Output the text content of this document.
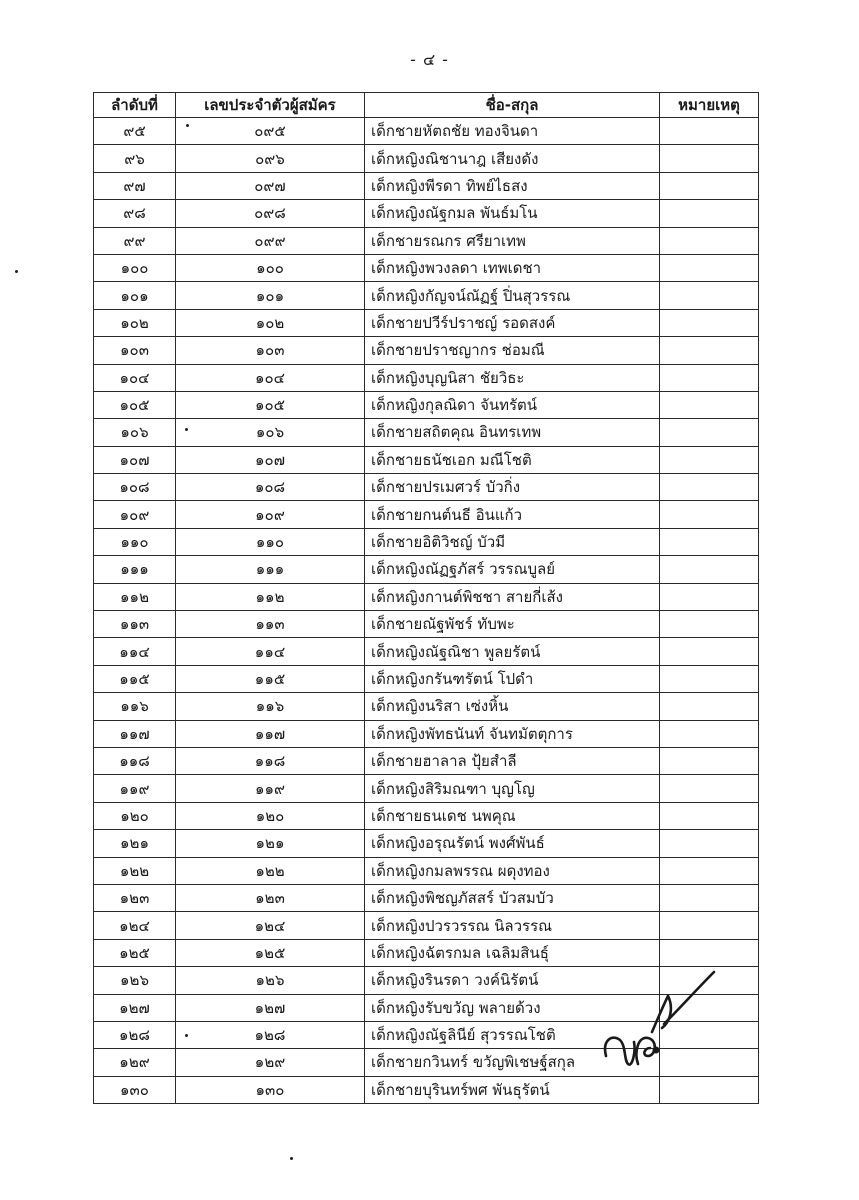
- ๔ -
ลำดับที่	เลขประจำตัวผู้สมัคร	ชื่อ-สกุล	หมายเหตุ
๙๕	๐๙๕	เด็กชายหัตถชัย ทองจินดา	
๙๖	๐๙๖	เด็กหญิงณิชานาฎ เสียงดัง	
๙๗	๐๙๗	เด็กหญิงพีรดา ทิพย์ไธสง	
๙๘	๐๙๘	เด็กหญิงณัฐกมล พันธ์มโน	
๙๙	๐๙๙	เด็กชายรณกร ศรียาเทพ	
๑๐๐	๑๐๐	เด็กหญิงพวงลดา เทพเดชา	
๑๐๑	๑๐๑	เด็กหญิงกัญจน์ณัฏฐ์ ปิ่นสุวรรณ	
๑๐๒	๑๐๒	เด็กชายปวีร์ปราชญ์ รอดสงค์	
๑๐๓	๑๐๓	เด็กชายปราชญากร ช่อมณี	
๑๐๔	๑๐๔	เด็กหญิงบุญนิสา ชัยวิธะ	
๑๐๕	๑๐๕	เด็กหญิงกุลณิดา จันทรัตน์	
๑๐๖	๑๐๖	เด็กชายสถิตคุณ อินทรเทพ	
๑๐๗	๑๐๗	เด็กชายธนัชเอก มณีโชติ	
๑๐๘	๑๐๘	เด็กชายปรเมศวร์ บัวกิ่ง	
๑๐๙	๑๐๙	เด็กชายกนต์นธี อินแก้ว	
๑๑๐	๑๑๐	เด็กชายอิติวิชญ์ บัวมี	
๑๑๑	๑๑๑	เด็กหญิงณัฏฐภัสร์ วรรณบูลย์	
๑๑๒	๑๑๒	เด็กหญิงกานต์พิชชา สายกี่เส้ง	
๑๑๓	๑๑๓	เด็กชายณัฐพัชร์ ทับพะ	
๑๑๔	๑๑๔	เด็กหญิงณัฐณิชา พูลยรัตน์	
๑๑๕	๑๑๕	เด็กหญิงกรันฑรัตน์ โปดำ	
๑๑๖	๑๑๖	เด็กหญิงนริสา เซ่งหิ้น	
๑๑๗	๑๑๗	เด็กหญิงพัทธนันท์ จันทมัตตุการ	
๑๑๘	๑๑๘	เด็กชายฮาลาล ปุ้ยสำลี	
๑๑๙	๑๑๙	เด็กหญิงสิริมณฑา บุญโญ	
๑๒๐	๑๒๐	เด็กชายธนเดช นพคุณ	
๑๒๑	๑๒๑	เด็กหญิงอรุณรัตน์ พงศ์พันธ์	
๑๒๒	๑๒๒	เด็กหญิงกมลพรรณ ผดุงทอง	
๑๒๓	๑๒๓	เด็กหญิงพิชญภัสสร์ บัวสมบัว	
๑๒๔	๑๒๔	เด็กหญิงปวรวรรณ นิลวรรณ	
๑๒๕	๑๒๕	เด็กหญิงฉัตรกมล เฉลิมสินธุ์	
๑๒๖	๑๒๖	เด็กหญิงรินรดา วงค์นิรัตน์	
๑๒๗	๑๒๗	เด็กหญิงรับขวัญ พลายด้วง	
๑๒๘	๑๒๘	เด็กหญิงณัฐลินีย์ สุวรรณโชติ	
๑๒๙	๑๒๙	เด็กชายกวินทร์ ขวัญพิเชษฐ์สกุล	
๑๓๐	๑๓๐	เด็กชายบุรินทร์พศ พันธุรัตน์	
